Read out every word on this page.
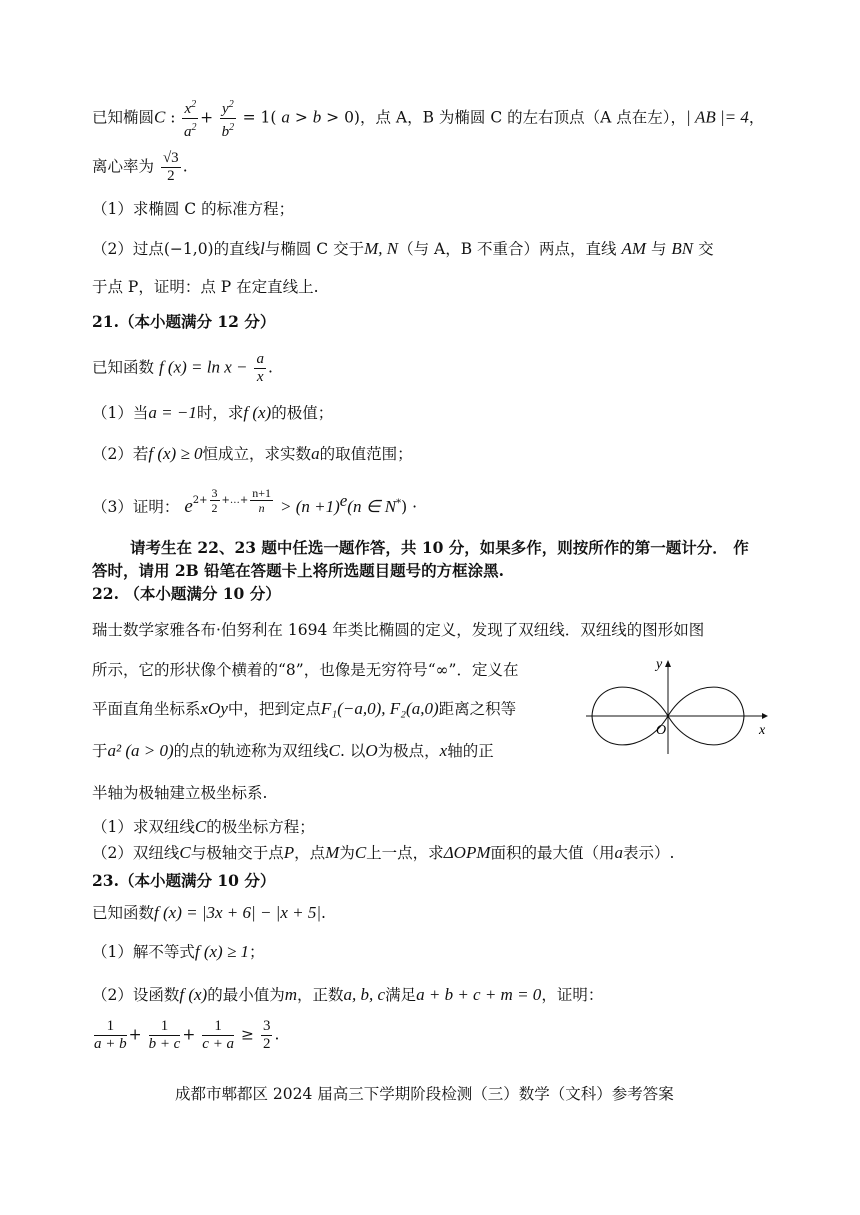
已知椭圆C : $\frac{x^2}{a^2} + \frac{y^2}{b^2} = 1$( a > b > 0)，点 A，B 为椭圆 C 的左右顶点（A 点在左），| AB |= 4，
离心率为 $\frac{√3}{2}$ .
（1）求椭圆 C 的标准方程；
（2）过点(−1,0)的直线l与椭圆 C 交于M, N（与 A，B 不重合）两点，直线 AM 与 BN 交
于点 P，证明：点 P 在定直线上.
21.（本小题满分 12 分）
已知函数 f $(x) = \ln x - \frac{a}{x}$ .
（1）当a = −1时，求f (x)的极值；
（2）若f (x) ≥ 0恒成立，求实数a的取值范围；
（3）证明： $e2+ \frac{3}{2}$ +…+ $\frac{n+1}{n} > (n +1)^e(n$ ∈ N*) ·
请考生在 22、23 题中任选一题作答，共 10 分，如果多作，则按所作的第一题计分． 作
答时，请用 2B 铅笔在答题卡上将所选题目题号的方框涂黑.
22. （本小题满分 10 分）
瑞士数学家雅各布·伯努利在 1694 年类比椭圆的定义，发现了双纽线．双纽线的图形如图
所示，它的形状像个横着的“8”，也像是无穷符号“∞”．定义在
平面直角坐标系xOy中，把到定点F₁(−a,0), F₂(a,0)距离之积等
于a² (a > 0)的点的轨迹称为双纽线C. 以O为极点，x轴的正
半轴为极轴建立极坐标系.
（1）求双纽线C的极坐标方程；
（2）双纽线C与极轴交于点P，点M为C上一点，求ΔOPM面积的最大值（用a表示）.
y
x
O
23.（本小题满分 10 分）
已知函数f (x) = |3x + 6| − |x + 5|.
（1）解不等式f (x) ≥ 1；
（2）设函数f (x)的最小值为m，正数a, b, c满足a + b + c + m = 0，证明：
$\frac{1}{a + b} + \frac{1}{b + c} + \frac{1}{c + a} \ge \frac{3}{2}$ .
成都市郫都区 2024 届高三下学期阶段检测（三）数学（文科）参考答案
